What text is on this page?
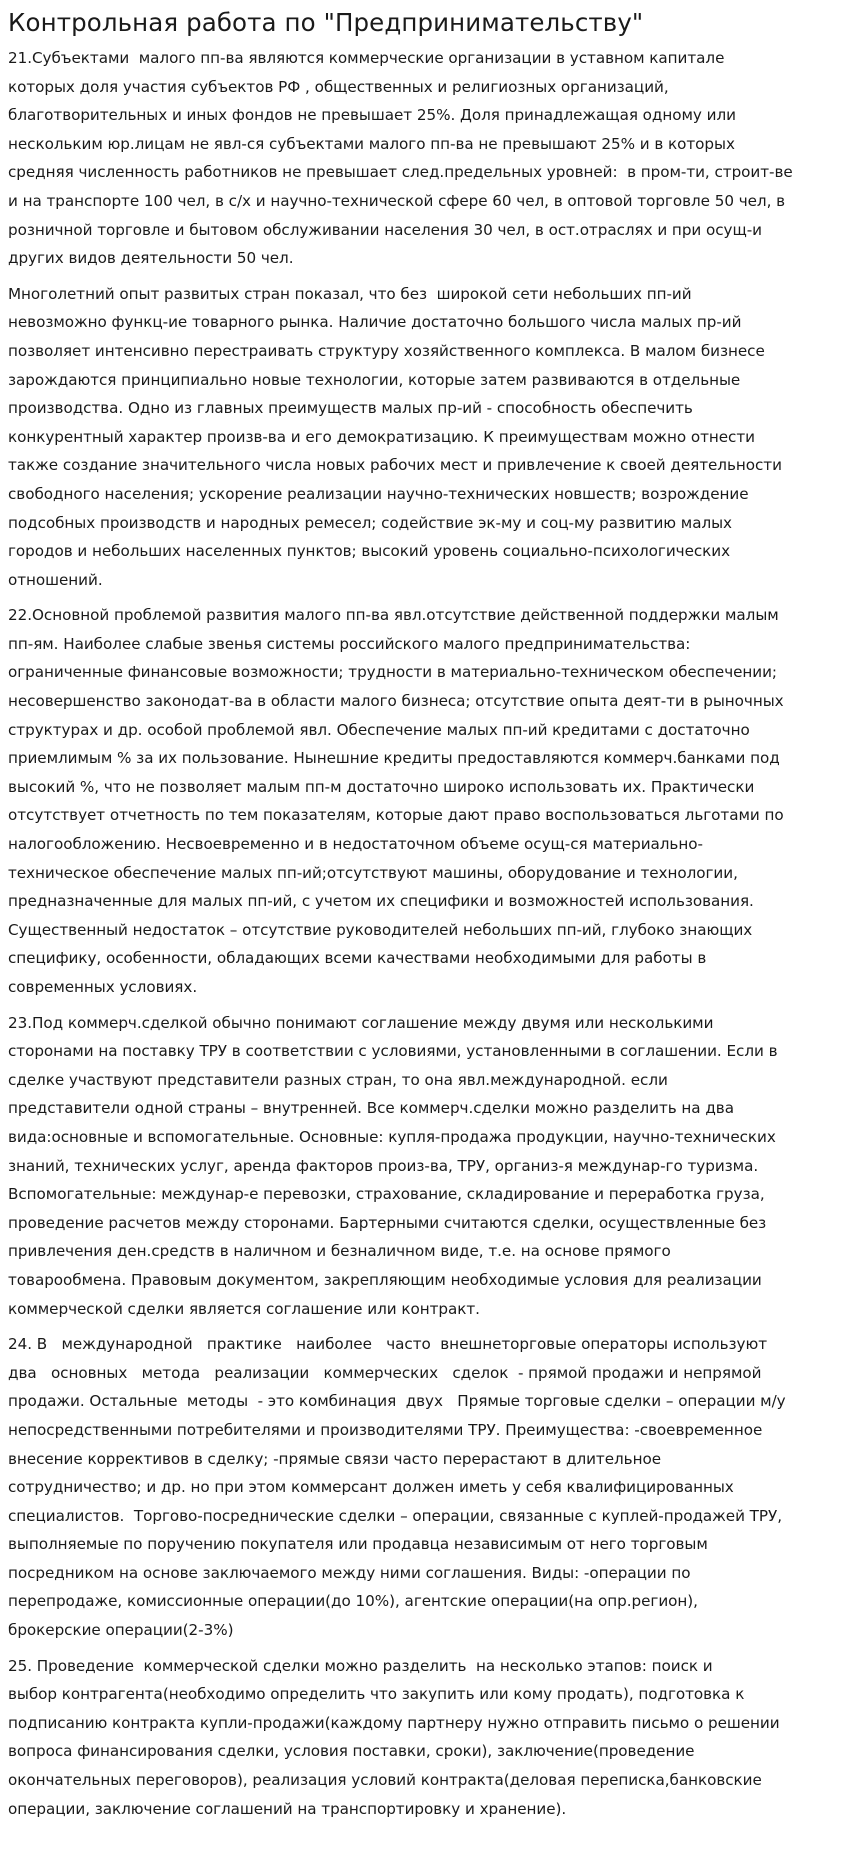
Контрольная работа по "Предпринимательству"
21.Субъектами  малого пп-ва являются коммерческие организации в уставном капитале
которых доля участия субъектов РФ , общественных и религиозных организаций,
благотворительных и иных фондов не превышает 25%. Доля принадлежащая одному или
нескольким юр.лицам не явл-ся субъектами малого пп-ва не превышают 25% и в которых
средняя численность работников не превышает след.предельных уровней:  в пром-ти, строит-ве
и на транспорте 100 чел, в с/х и научно-технической сфере 60 чел, в оптовой торговле 50 чел, в
розничной торговле и бытовом обслуживании населения 30 чел, в ост.отраслях и при осущ-и
других видов деятельности 50 чел.
Многолетний опыт развитых стран показал, что без  широкой сети небольших пп-ий
невозможно функц-ие товарного рынка. Наличие достаточно большого числа малых пр-ий
позволяет интенсивно перестраивать структуру хозяйственного комплекса. В малом бизнесе
зарождаются принципиально новые технологии, которые затем развиваются в отдельные
производства. Одно из главных преимуществ малых пр-ий - способность обеспечить
конкурентный характер произв-ва и его демократизацию. К преимуществам можно отнести
также создание значительного числа новых рабочих мест и привлечение к своей деятельности
свободного населения; ускорение реализации научно-технических новшеств; возрождение
подсобных производств и народных ремесел; содействие эк-му и соц-му развитию малых
городов и небольших населенных пунктов; высокий уровень социально-психологических
отношений.
22.Основной проблемой развития малого пп-ва явл.отсутствие действенной поддержки малым
пп-ям. Наиболее слабые звенья системы российского малого предпринимательства:
ограниченные финансовые возможности; трудности в материально-техническом обеспечении;
несовершенство законодат-ва в области малого бизнеса; отсутствие опыта деят-ти в рыночных
структурах и др. особой проблемой явл. Обеспечение малых пп-ий кредитами с достаточно
приемлимым % за их пользование. Нынешние кредиты предоставляются коммерч.банками под
высокий %, что не позволяет малым пп-м достаточно широко использовать их. Практически
отсутствует отчетность по тем показателям, которые дают право воспользоваться льготами по
налогообложению. Несвоевременно и в недостаточном объеме осущ-ся материально-
техническое обеспечение малых пп-ий;отсутствуют машины, оборудование и технологии,
предназначенные для малых пп-ий, с учетом их специфики и возможностей использования.
Существенный недостаток – отсутствие руководителей небольших пп-ий, глубоко знающих
специфику, особенности, обладающих всеми качествами необходимыми для работы в
современных условиях.
23.Под коммерч.сделкой обычно понимают соглашение между двумя или несколькими
сторонами на поставку ТРУ в соответствии с условиями, установленными в соглашении. Если в
сделке участвуют представители разных стран, то она явл.международной. если
представители одной страны – внутренней. Все коммерч.сделки можно разделить на два
вида:основные и вспомогательные. Основные: купля-продажа продукции, научно-технических
знаний, технических услуг, аренда факторов произ-ва, ТРУ, организ-я междунар-го туризма.
Вспомогательные: междунар-е перевозки, страхование, складирование и переработка груза,
проведение расчетов между сторонами. Бартерными считаются сделки, осуществленные без
привлечения ден.средств в наличном и безналичном виде, т.е. на основе прямого
товарообмена. Правовым документом, закрепляющим необходимые условия для реализации
коммерческой сделки является соглашение или контракт.
24. В   международной   практике   наиболее   часто  внешнеторговые операторы используют
два   основных   метода   реализации   коммерческих   сделок  - прямой продажи и непрямой
продажи. Остальные  методы  - это комбинация  двух   Прямые торговые сделки – операции м/у
непосредственными потребителями и производителями ТРУ. Преимущества: -своевременное
внесение коррективов в сделку; -прямые связи часто перерастают в длительное
сотрудничество; и др. но при этом коммерсант должен иметь у себя квалифицированных
специалистов.  Торгово-посреднические сделки – операции, связанные с куплей-продажей ТРУ,
выполняемые по поручению покупателя или продавца независимым от него торговым
посредником на основе заключаемого между ними соглашения. Виды: -операции по
перепродаже, комиссионные операции(до 10%), агентские операции(на опр.регион),
брокерские операции(2-3%)
25. Проведение  коммерческой сделки можно разделить  на несколько этапов: поиск и
выбор контрагента(необходимо определить что закупить или кому продать), подготовка к
подписанию контракта купли-продажи(каждому партнеру нужно отправить письмо о решении
вопроса финансирования сделки, условия поставки, сроки), заключение(проведение
окончательных переговоров), реализация условий контракта(деловая переписка,банковские
операции, заключение соглашений на транспортировку и хранение).
